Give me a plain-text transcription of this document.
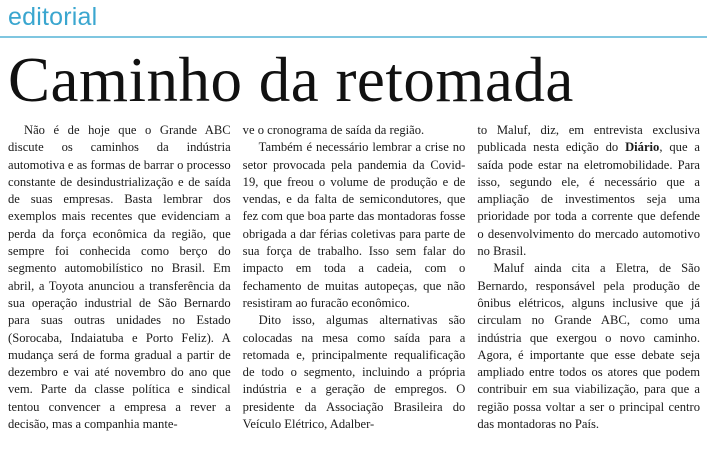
editorial
Caminho da retomada

Não é de hoje que o Grande ABC discute os caminhos da indústria automotiva e as formas de barrar o processo constante de desindustrialização e de saída de suas empresas. Basta lembrar dos exemplos mais recentes que evidenciam a perda da força econômica da região, que sempre foi conhecida como berço do segmento automobilístico no Brasil. Em abril, a Toyota anunciou a transferência da sua operação industrial de São Bernardo para suas outras unidades no Estado (Sorocaba, Indaiatuba e Porto Feliz). A mudança será de forma gradual a partir de dezembro e vai até novembro do ano que vem. Parte da classe política e sindical tentou convencer a empresa a rever a decisão, mas a companhia mante-

ve o cronograma de saída da região.

Também é necessário lembrar a crise no setor provocada pela pandemia da Covid-19, que freou o volume de produção e de vendas, e da falta de semicondutores, que fez com que boa parte das montadoras fosse obrigada a dar férias coletivas para parte de sua força de trabalho. Isso sem falar do impacto em toda a cadeia, com o fechamento de muitas autopeças, que não resistiram ao furacão econômico.

Dito isso, algumas alternativas são colocadas na mesa como saída para a retomada e, principalmente requalificação de todo o segmento, incluindo a própria indústria e a geração de empregos. O presidente da Associação Brasileira do Veículo Elétrico, Adalber-

to Maluf, diz, em entrevista exclusiva publicada nesta edição do Diário, que a saída pode estar na eletromobilidade. Para isso, segundo ele, é necessário que a ampliação de investimentos seja uma prioridade por toda a corrente que defende o desenvolvimento do mercado automotivo no Brasil.

Maluf ainda cita a Eletra, de São Bernardo, responsável pela produção de ônibus elétricos, alguns inclusive que já circulam no Grande ABC, como uma indústria que exergou o novo caminho. Agora, é importante que esse debate seja ampliado entre todos os atores que podem contribuir em sua viabilização, para que a região possa voltar a ser o principal centro das montadoras no País.
